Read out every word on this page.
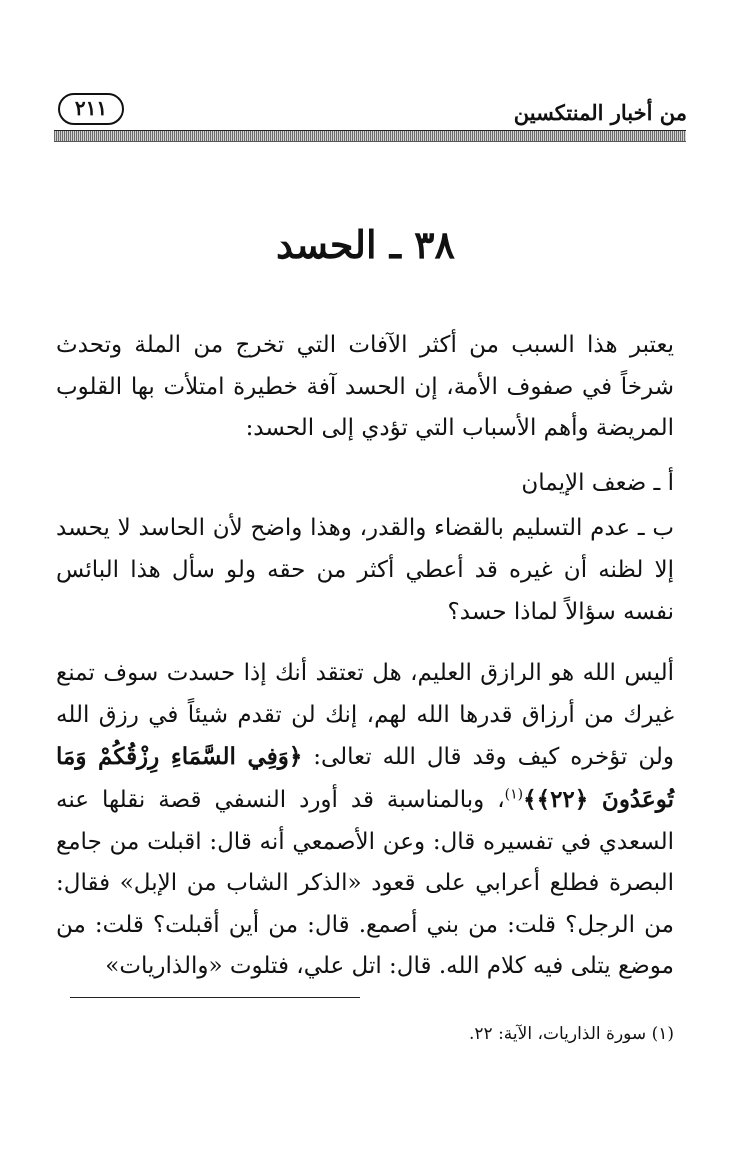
من أخبار المنتكسين
٢١١
٣٨ ـ الحسد

يعتبر هذا السبب من أكثر الآفات التي تخرج من الملة وتحدث شرخاً في صفوف الأمة، إن الحسد آفة خطيرة امتلأت بها القلوب المريضة وأهم الأسباب التي تؤدي إلى الحسد:

أ ـ ضعف الإيمان

ب ـ عدم التسليم بالقضاء والقدر، وهذا واضح لأن الحاسد لا يحسد إلا لظنه أن غيره قد أعطي أكثر من حقه ولو سأل هذا البائس نفسه سؤالاً لماذا حسد؟

أليس الله هو الرازق العليم، هل تعتقد أنك إذا حسدت سوف تمنع غيرك من أرزاق قدرها الله لهم، إنك لن تقدم شيئاً في رزق الله ولن تؤخره كيف وقد قال الله تعالى: ﴿وَفِي السَّمَاءِ رِزْقُكُمْ وَمَا تُوعَدُونَ ﴿٢٢﴾﴾$^{(١)}$، وبالمناسبة قد أورد النسفي قصة نقلها عنه السعدي في تفسيره قال: وعن الأصمعي أنه قال: اقبلت من جامع البصرة فطلع أعرابي على قعود «الذكر الشاب من الإبل» فقال: من الرجل؟ قلت: من بني أصمع. قال: من أين أقبلت؟ قلت: من موضع يتلى فيه كلام الله. قال: اتل علي، فتلوت «والذاريات»

(١) سورة الذاريات، الآية: ٢٢.
